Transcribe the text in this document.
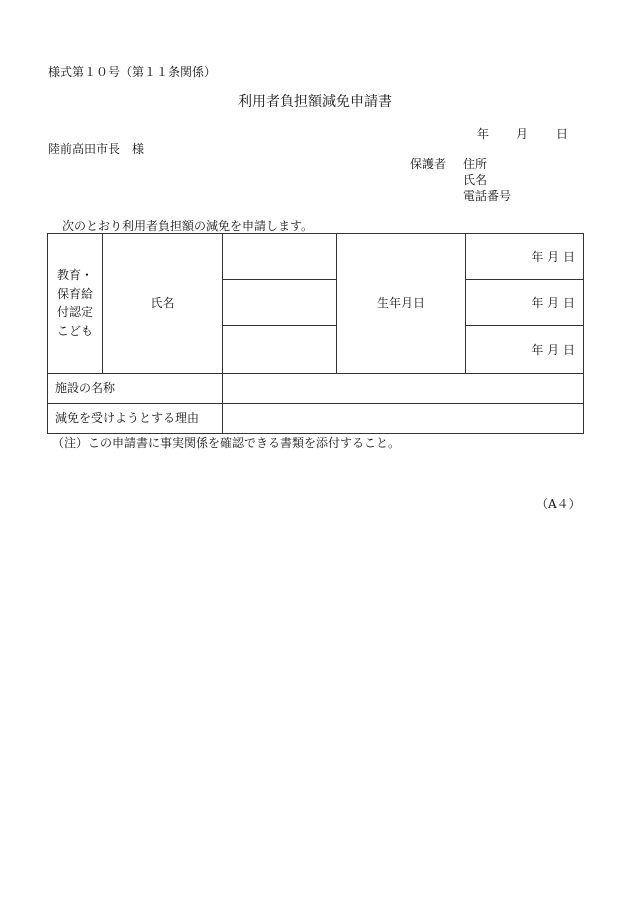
様式第１０号（第１１条関係）
利用者負担額減免申請書
年 月 日
陸前高田市長　様
保護者 住所
氏名
電話番号
次のとおり利用者負担額の減免を申請します。
教育・
保育給
付認定
こども	氏名		生年月日	年 月 日
				年 月 日
				年 月 日
施設の名称				
減免を受けようとする理由				
（注）この申請書に事実関係を確認できる書類を添付すること。
（A４）
